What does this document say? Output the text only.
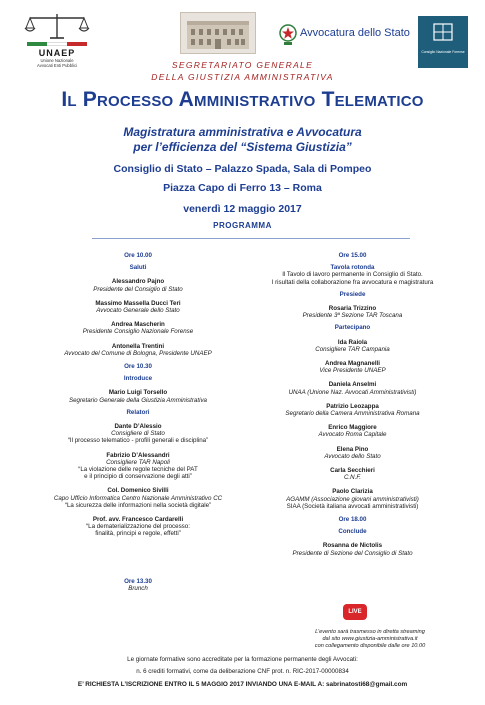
UNAEP
Unione Nazionale
Avvocati Enti Pubblici
Avvocatura dello Stato
Consiglio Nazionale Forense
SEGRETARIATO GENERALE
DELLA GIUSTIZIA AMMINISTRATIVA
Il Processo Amministrativo Telematico
Magistratura amministrativa e Avvocatura
per l’efficienza del “Sistema Giustizia”
Consiglio di Stato – Palazzo Spada, Sala di Pompeo
Piazza Capo di Ferro 13 – Roma
venerdì 12 maggio 2017
PROGRAMMA
Ore 10.00
Saluti
Alessandro Pajno
Presidente del Consiglio di Stato
Massimo Massella Ducci Teri
Avvocato Generale dello Stato
Andrea Mascherin
Presidente Consiglio Nazionale Forense
Antonella Trentini
Avvocato del Comune di Bologna, Presidente UNAEP
Ore 10.30
Introduce
Mario Luigi Torsello
Segretario Generale della Giustizia Amministrativa
Relatori
Dante D’Alessio
Consigliere di Stato
“Il processo telematico - profili generali e disciplina”
Fabrizio D’Alessandri
Consigliere TAR Napoli
“La violazione delle regole tecniche del PAT
e il principio di conservazione degli atti”
Col. Domenico Sivilli
Capo Ufficio Informatica Centro Nazionale Amministrativo CC
“La sicurezza delle informazioni nella società digitale”
Prof. avv. Francesco Cardarelli
“La dematerializzazione del processo:
finalità, principi e regole, effetti”
Ore 15.00
Tavola rotonda
Il Tavolo di lavoro permanente in Consiglio di Stato.
I risultati della collaborazione fra avvocatura e magistratura
Presiede
Rosaria Trizzino
Presidente 3ª Sezione TAR Toscana
Partecipano
Ida Raiola
Consigliere TAR Campania
Andrea Magnanelli
Vice Presidente UNAEP
Daniela Anselmi
UNAA (Unione Naz. Avvocati Amministrativisti)
Patrizio Leozappa
Segretario della Camera Amministrativa Romana
Enrico Maggiore
Avvocato Roma Capitale
Elena Pino
Avvocato dello Stato
Carla Secchieri
C.N.F.
Paolo Clarizia
AGAMM (Associazione giovani amministrativisti)
SIAA (Società italiana avvocati amministrativisti)
Ore 18.00
Conclude
Rosanna de Nictolis
Presidente di Sezione del Consiglio di Stato
Ore 13.30
Brunch
LIVE
L’evento sarà trasmesso in diretta streaming
dal sito www.giustizia-amministrativa.it
con collegamento disponibile dalle ore 10.00
Le giornate formative sono accreditate per la formazione permanente degli Avvocati:
n. 6 crediti formativi, come da deliberazione CNF prot. n. RIC-2017-00000834
E’ RICHIESTA L’ISCRIZIONE ENTRO IL 5 MAGGIO 2017 INVIANDO UNA E-MAIL A: sabrinatosti68@gmail.com
